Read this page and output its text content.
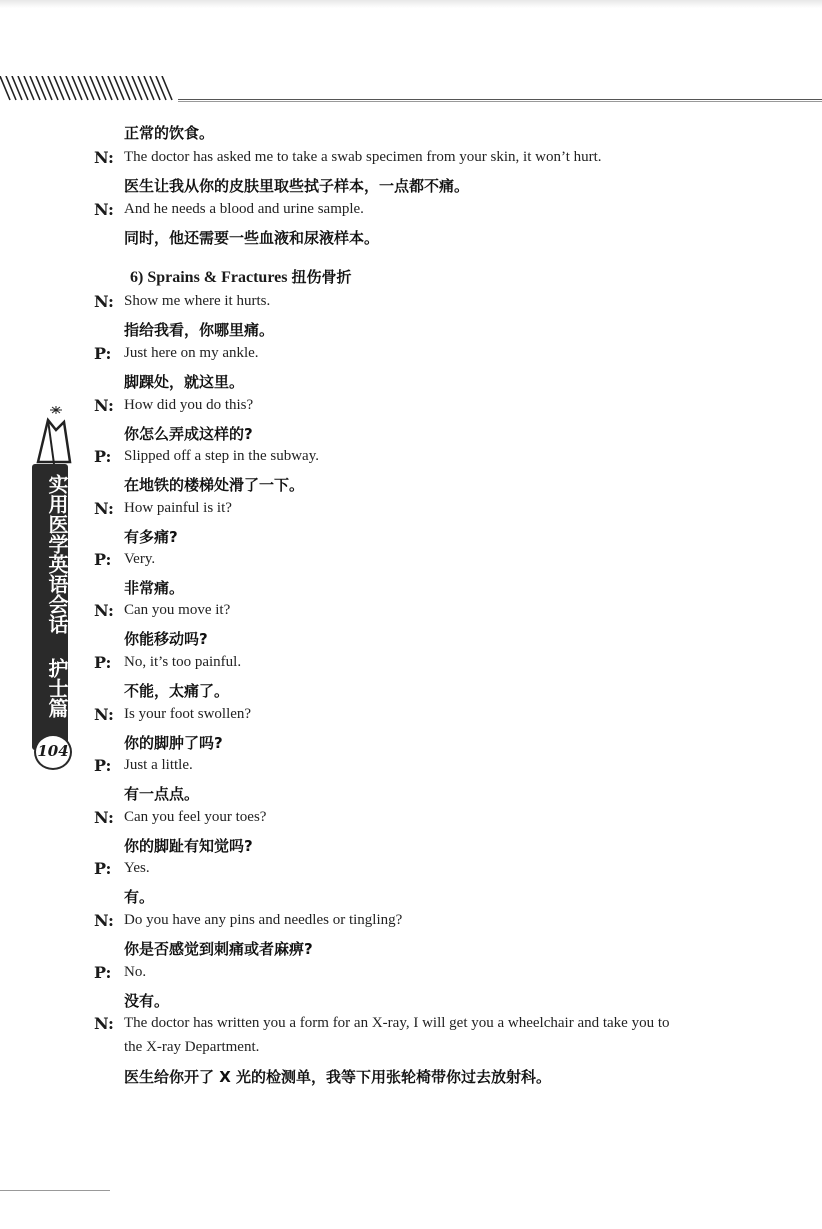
实用医学英语会话
护士篇
104
正常的饮食。
N: The doctor has asked me to take a swab specimen from your skin, it won’t hurt.
医生让我从你的皮肤里取些拭子样本，一点都不痛。
N: And he needs a blood and urine sample.
同时，他还需要一些血液和尿液样本。
6) Sprains & Fractures 扭伤骨折
N: Show me where it hurts.
指给我看，你哪里痛。
P: Just here on my ankle.
脚踝处，就这里。
N: How did you do this?
你怎么弄成这样的?
P: Slipped off a step in the subway.
在地铁的楼梯处滑了一下。
N: How painful is it?
有多痛?
P: Very.
非常痛。
N: Can you move it?
你能移动吗?
P: No, it’s too painful.
不能，太痛了。
N: Is your foot swollen?
你的脚肿了吗?
P: Just a little.
有一点点。
N: Can you feel your toes?
你的脚趾有知觉吗?
P: Yes.
有。
N: Do you have any pins and needles or tingling?
你是否感觉到刺痛或者麻痹?
P: No.
没有。
N: The doctor has written you a form for an X-ray, I will get you a wheelchair and take you to
the X-ray Department.
医生给你开了 X 光的检测单，我等下用张轮椅带你过去放射科。
